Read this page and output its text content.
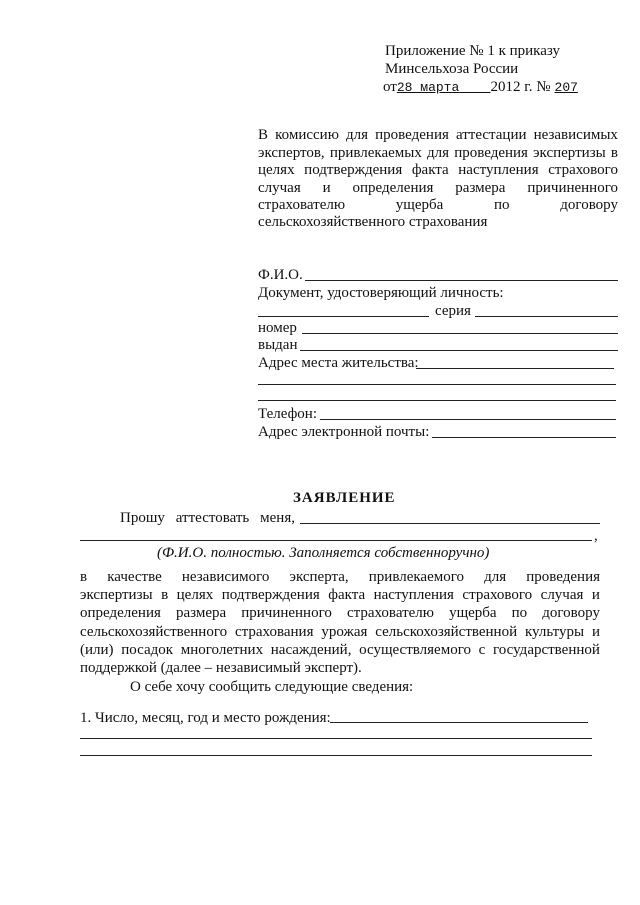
Приложение № 1 к приказу
Минсельхоза России
от28 марта 2012 г. № 207
В комиссию для проведения аттестации независимых
экспертов, привлекаемых для проведения экспертизы в
целях подтверждения факта наступления страхового
случая и определения размера причиненного
страхователю	ущерба	по	договору
сельскохозяйственного страхования
Ф.И.О.
Документ, удостоверяющий личность:
серия
номер
выдан
Адрес места жительства:
Телефон:
Адрес электронной почты:
ЗАЯВЛЕНИЕ
Прошу аттестовать меня,
,
(Ф.И.О. полностью. Заполняется собственноручно)
в качестве независимого эксперта, привлекаемого для проведения
экспертизы в целях подтверждения факта наступления страхового случая и
определения размера причиненного страхователю ущерба по договору
сельскохозяйственного страхования урожая сельскохозяйственной культуры и
(или) посадок многолетних насаждений, осуществляемого с государственной
поддержкой (далее – независимый эксперт).
О себе хочу сообщить следующие сведения:
1. Число, месяц, год и место рождения:
